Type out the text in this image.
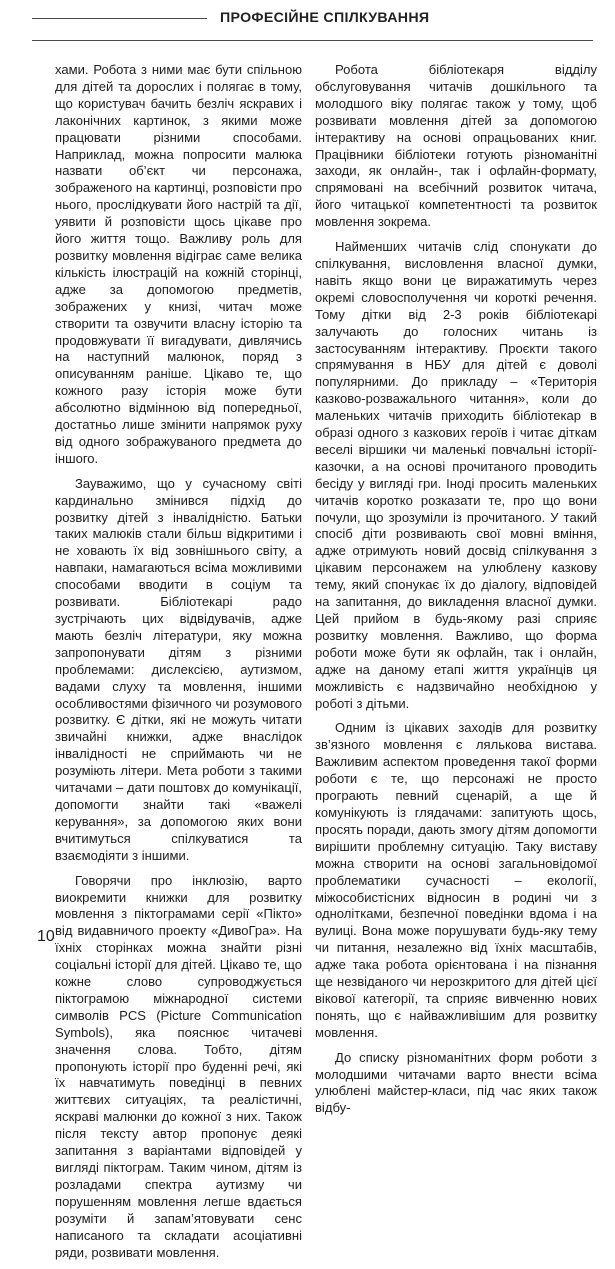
ПРОФЕСІЙНЕ СПІЛКУВАННЯ

хами. Робота з ними має бути спільною для дітей та дорослих і полягає в тому, що користувач бачить безліч яскравих і лаконічних картинок, з якими може працювати різними способами. Наприклад, можна попросити малюка назвати об’єкт чи персонажа, зображеного на картинці, розповісти про нього, прослідкувати його настрій та дії, уявити й розповісти щось цікаве про його життя тощо. Важливу роль для розвитку мовлення відіграє саме велика кількість ілюстрацій на кожній сторінці, адже за допомогою предметів, зображених у книзі, читач може створити та озвучити власну історію та продовжувати її вигадувати, дивлячись на наступний малюнок, поряд з описуванням раніше. Цікаво те, що кожного разу історія може бути абсолютно відмінною від попередньої, достатньо лише змінити напрямок руху від одного зображуваного предмета до іншого.

Зауважимо, що у сучасному світі кардинально змінився підхід до розвитку дітей з інвалідністю. Батьки таких малюків стали більш відкритими і не ховають їх від зовнішнього світу, а навпаки, намагаються всіма можливими способами вводити в соціум та розвивати. Бібліотекарі радо зустрічають цих відвідувачів, адже мають безліч літератури, яку можна запропонувати дітям з різними проблемами: дислексією, аутизмом, вадами слуху та мовлення, іншими особливостями фізичного чи розумового розвитку. Є дітки, які не можуть читати звичайні книжки, адже внаслідок інвалідності не сприймають чи не розуміють літери. Мета роботи з такими читачами – дати поштовх до комунікації, допомогти знайти такі «важелі керування», за допомогою яких вони вчитимуться спілкуватися та взаємодіяти з іншими.

Говорячи про інклюзію, варто виокремити книжки для розвитку мовлення з піктограмами серії «Пікто» від видавничого проекту «ДивоГра». На їхніх сторінках можна знайти різні соціальні історії для дітей. Цікаво те, що кожне слово супроводжується піктограмою міжнародної системи символів PCS (Picture Communication Symbols), яка пояснює читачеві значення слова. Тобто, дітям пропонують історії про буденні речі, які їх навчатимуть поведінці в певних життєвих ситуаціях, та реалістичні, яскраві малюнки до кожної з них. Також після тексту автор пропонує деякі запитання з варіантами відповідей у вигляді піктограм. Таким чином, дітям із розладами спектра аутизму чи порушенням мовлення легше вдається розуміти й запам’ятовувати сенс написаного та складати асоціативні ряди, розвивати мовлення.

Робота бібліотекаря відділу обслуговування читачів дошкільного та молодшого віку полягає також у тому, щоб розвивати мовлення дітей за допомогою інтерактиву на основі опрацьованих книг. Працівники бібліотеки готують різноманітні заходи, як онлайн-, так і офлайн-формату, спрямовані на всебічний розвиток читача, його читацької компетентності та розвиток мовлення зокрема.

Найменших читачів слід спонукати до спілкування, висловлення власної думки, навіть якщо вони це виражатимуть через окремі словосполучення чи короткі речення. Тому дітки від 2-3 років бібліотекарі залучають до голосних читань із застосуванням інтерактиву. Проєкти такого спрямування в НБУ для дітей є доволі популярними. До прикладу – «Територія казково-розважального читання», коли до маленьких читачів приходить бібліотекар в образі одного з казкових героїв і читає діткам веселі віршики чи маленькі повчальні історії-казочки, а на основі прочитаного проводить бесіду у вигляді гри. Іноді просить маленьких читачів коротко розказати те, про що вони почули, що зрозуміли із прочитаного. У такий спосіб діти розвивають свої мовні вміння, адже отримують новий досвід спілкування з цікавим персонажем на улюблену казкову тему, який спонукає їх до діалогу, відповідей на запитання, до викладення власної думки. Цей прийом в будь-якому разі сприяє розвитку мовлення. Важливо, що форма роботи може бути як офлайн, так і онлайн, адже на даному етапі життя українців ця можливість є надзвичайно необхідною у роботі з дітьми.

Одним із цікавих заходів для розвитку зв’язного мовлення є лялькова вистава. Важливим аспектом проведення такої форми роботи є те, що персонажі не просто програють певний сценарій, а ще й комунікують із глядачами: запитують щось, просять поради, дають змогу дітям допомогти вирішити проблемну ситуацію. Таку виставу можна створити на основі загальновідомої проблематики сучасності – екології, міжособистісних відносин в родині чи з однолітками, безпечної поведінки вдома і на вулиці. Вона може порушувати будь-яку тему чи питання, незалежно від їхніх масштабів, адже така робота орієнтована і на пізнання ще незвіданого чи нерозкритого для дітей цієї вікової категорії, та сприяє вивченню нових понять, що є найважливішим для розвитку мовлення.

До списку різноманітних форм роботи з молодшими читачами варто внести всіма улюблені майстер-класи, під час яких також відбу-

10
